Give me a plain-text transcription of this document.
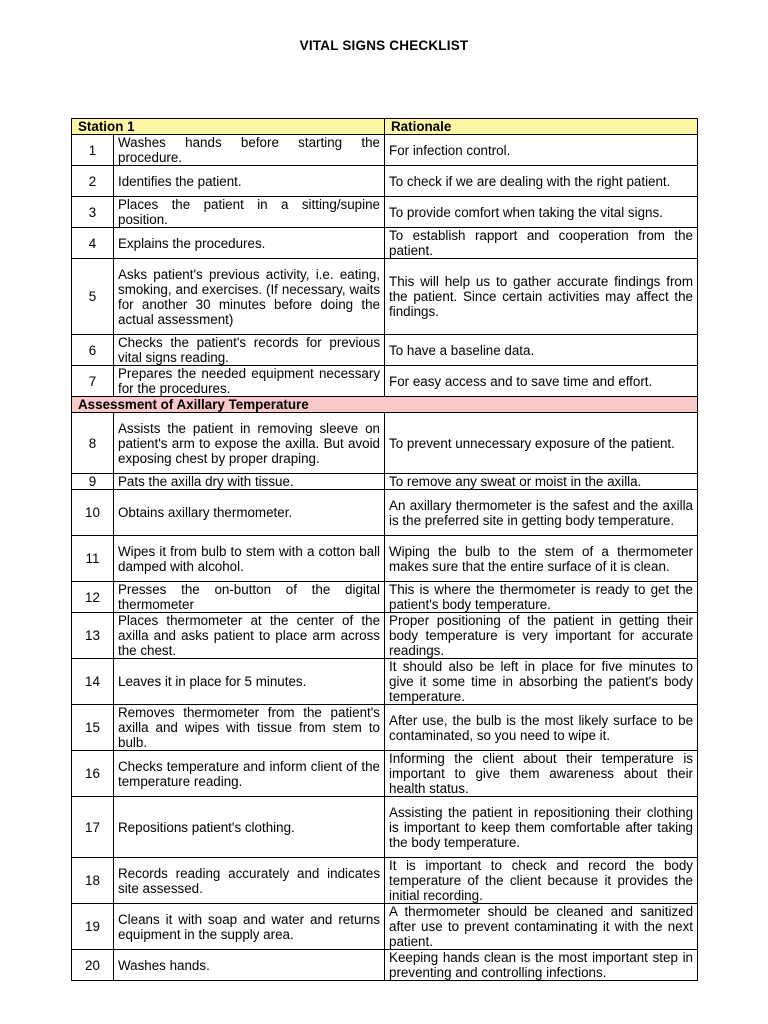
VITAL SIGNS CHECKLIST
Station 1		Rationale
1	Washes hands before starting the procedure.	For infection control.
2	Identifies the patient.	To check if we are dealing with the right patient.
3	Places the patient in a sitting/supine position.	To provide comfort when taking the vital signs.
4	Explains the procedures.	To establish rapport and cooperation from the patient.
5	Asks patient's previous activity, i.e. eating, smoking, and exercises. (If necessary, waits for another 30 minutes before doing the actual assessment)	This will help us to gather accurate findings from the patient. Since certain activities may affect the findings.
6	Checks the patient's records for previous vital signs reading.	To have a baseline data.
7	Prepares the needed equipment necessary for the procedures.	For easy access and to save time and effort.
Assessment of Axillary Temperature		
8	Assists the patient in removing sleeve on patient's arm to expose the axilla. But avoid exposing chest by proper draping.	To prevent unnecessary exposure of the patient.
9	Pats the axilla dry with tissue.	To remove any sweat or moist in the axilla.
10	Obtains axillary thermometer.	An axillary thermometer is the safest and the axilla is the preferred site in getting body temperature.
11	Wipes it from bulb to stem with a cotton ball damped with alcohol.	Wiping the bulb to the stem of a thermometer makes sure that the entire surface of it is clean.
12	Presses the on-button of the digital thermometer	This is where the thermometer is ready to get the patient's body temperature.
13	Places thermometer at the center of the axilla and asks patient to place arm across the chest.	Proper positioning of the patient in getting their body temperature is very important for accurate readings.
14	Leaves it in place for 5 minutes.	It should also be left in place for five minutes to give it some time in absorbing the patient's body temperature.
15	Removes thermometer from the patient's axilla and wipes with tissue from stem to bulb.	After use, the bulb is the most likely surface to be contaminated, so you need to wipe it.
16	Checks temperature and inform client of the temperature reading.	Informing the client about their temperature is important to give them awareness about their health status.
17	Repositions patient's clothing.	Assisting the patient in repositioning their clothing is important to keep them comfortable after taking the body temperature.
18	Records reading accurately and indicates site assessed.	It is important to check and record the body temperature of the client because it provides the initial recording.
19	Cleans it with soap and water and returns equipment in the supply area.	A thermometer should be cleaned and sanitized after use to prevent contaminating it with the next patient.
20	Washes hands.	Keeping hands clean is the most important step in preventing and controlling infections.
